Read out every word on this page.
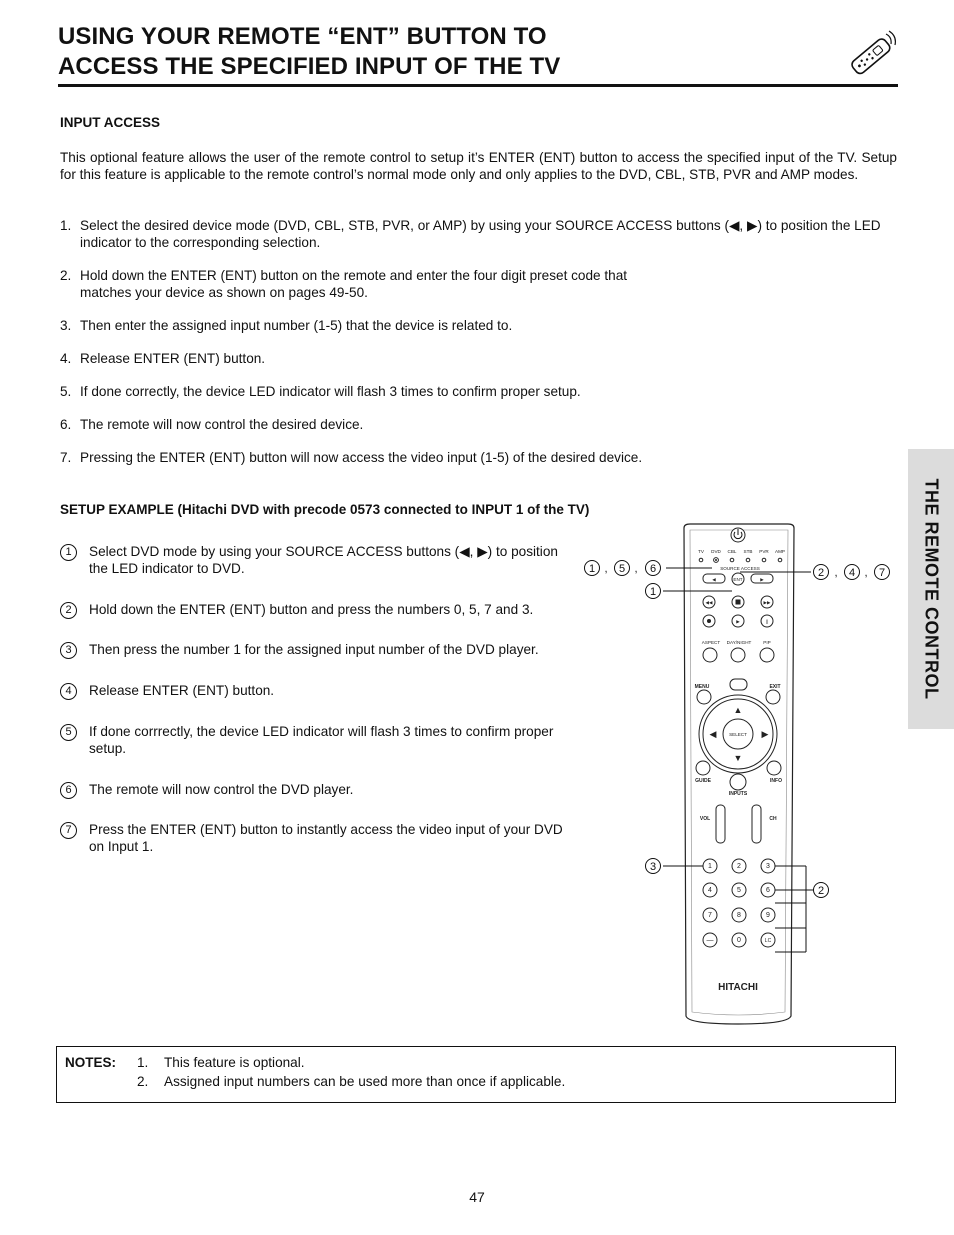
USING YOUR REMOTE “ENT” BUTTON TO
ACCESS THE SPECIFIED INPUT OF THE TV
THE REMOTE CONTROL
INPUT ACCESS
This optional feature allows the user of the remote control to setup it’s ENTER (ENT) button to access the specified input of the TV. Setup for this feature is applicable to the remote control’s normal mode only and only applies to the DVD, CBL, STB, PVR and AMP modes.
1. Select the desired device mode (DVD, CBL, STB, PVR, or AMP) by using your SOURCE ACCESS buttons (◀, ▶) to position the LED indicator to the corresponding selection.
2. Hold down the ENTER (ENT) button on the remote and enter the four digit preset code that matches your device as shown on pages 49-50.
3. Then enter the assigned input number (1-5) that the device is related to.
4. Release ENTER (ENT) button.
5. If done correctly, the device LED indicator will flash 3 times to confirm proper setup.
6. The remote will now control the desired device.
7. Pressing the ENTER (ENT) button will now access the video input (1-5) of the desired device.
SETUP EXAMPLE (Hitachi DVD with precode 0573 connected to INPUT 1 of the TV)
1	Select DVD mode by using your SOURCE ACCESS buttons (◀, ▶) to position the LED indicator to DVD.
2	Hold down the ENTER (ENT) button and press the numbers 0, 5, 7 and 3.
3	Then press the number 1 for the assigned input number of the DVD player.
4	Release ENTER (ENT) button.
5	If done corrrectly, the device LED indicator will flash 3 times to confirm proper setup.
6	The remote will now control the DVD player.
7	Press the ENTER (ENT) button to instantly access the video input of your DVD on Input 1.
TV DVD CBL STB PVR AMP
SOURCE ACCESS
◀	ENT	▶
◀◀	▶▶
▶	||
ASPECT DAY/NIGHT	PIP
MENU	EXIT
▲
▼
◀	▶
SELECT
GUIDE	INFO
INPUTS
VOL	CH
1	2	3
4	5	6
7	8	9
—	0	LC
HITACHI
1 , 5 , 6
1
2 , 4 , 7
3
2
NOTES: 1. This feature is optional.
2. Assigned input numbers can be used more than once if applicable.
47
